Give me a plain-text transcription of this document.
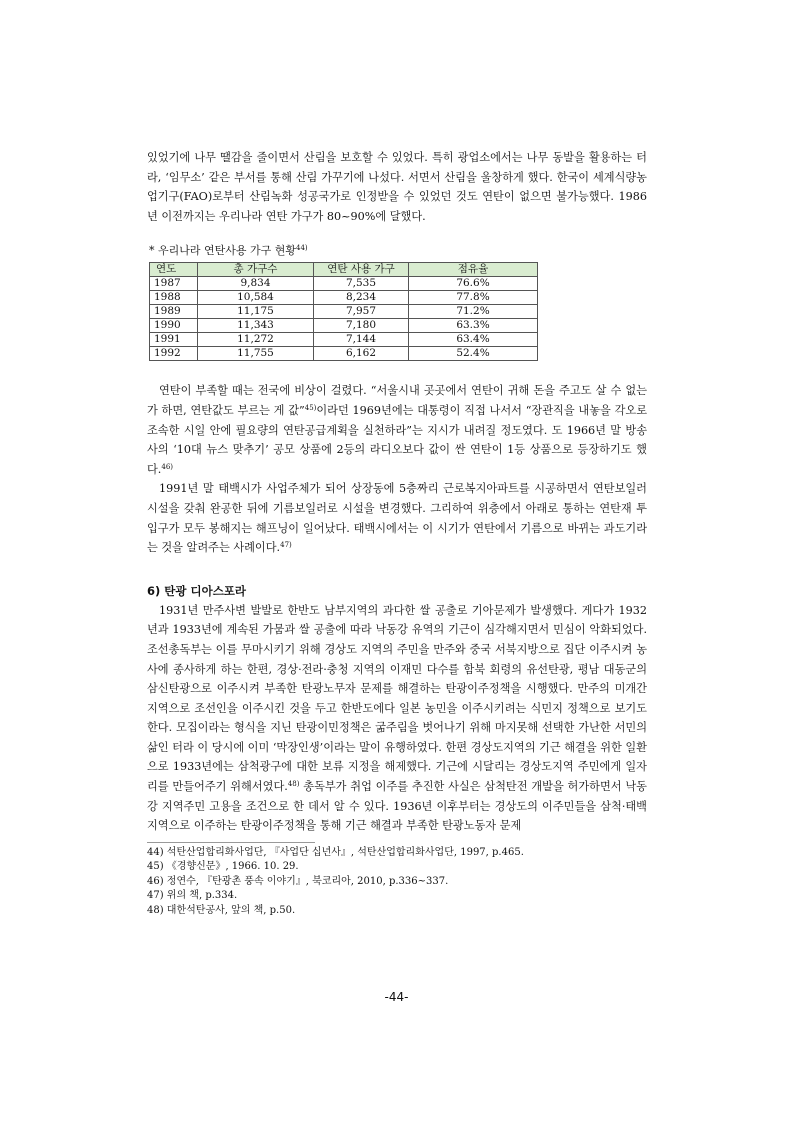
있었기에 나무 땔감을 줄이면서 산림을 보호할 수 있었다. 특히 광업소에서는 나무 동발을 활용하는 터라, ‘임무소’ 같은 부서를 통해 산림 가꾸기에 나섰다. 서면서 산림을 울창하게 했다. 한국이 세계식량농업기구(FAO)로부터 산림녹화 성공국가로 인정받을 수 있었던 것도 연탄이 없으면 불가능했다. 1986년 이전까지는 우리나라 연탄 가구가 80~90%에 달했다.

* 우리나라 연탄사용 가구 현황$^{44)}$
연도	총 가구수	연탄 사용 가구	점유율
1987	9,834	7,535	76.6%
1988	10,584	8,234	77.8%
1989	11,175	7,957	71.2%
1990	11,343	7,180	63.3%
1991	11,272	7,144	63.4%
1992	11,755	6,162	52.4%

연탄이 부족할 때는 전국에 비상이 걸렸다. “서울시내 곳곳에서 연탄이 귀해 돈을 주고도 살 수 없는가 하면, 연탄값도 부르는 게 값”$^{45)}$이라던 1969년에는 대통령이 직접 나서서 “장관직을 내놓을 각오로 조속한 시일 안에 필요량의 연탄공급계획을 실천하라”는 지시가 내려질 정도였다. 도 1966년 말 방송사의 ‘10대 뉴스 맞추기’ 공모 상품에 2등의 라디오보다 값이 싼 연탄이 1등 상품으로 등장하기도 했다.$^{46)}$

1991년 말 태백시가 사업주체가 되어 상장동에 5층짜리 근로복지아파트를 시공하면서 연탄보일러 시설을 갖춰 완공한 뒤에 기름보일러로 시설을 변경했다. 그리하여 위층에서 아래로 통하는 연탄재 투입구가 모두 봉해지는 해프닝이 일어났다. 태백시에서는 이 시기가 연탄에서 기름으로 바뀌는 과도기라는 것을 알려주는 사례이다.$^{47)}$

6) 탄광 디아스포라

1931년 만주사변 발발로 한반도 남부지역의 과다한 쌀 공출로 기아문제가 발생했다. 게다가 1932년과 1933년에 계속된 가뭄과 쌀 공출에 따라 낙동강 유역의 기근이 심각해지면서 민심이 악화되었다. 조선총독부는 이를 무마시키기 위해 경상도 지역의 주민을 만주와 중국 서북지방으로 집단 이주시켜 농사에 종사하게 하는 한편, 경상·전라·충청 지역의 이재민 다수를 함북 회령의 유선탄광, 평남 대동군의 삼신탄광으로 이주시켜 부족한 탄광노무자 문제를 해결하는 탄광이주정책을 시행했다. 만주의 미개간 지역으로 조선인을 이주시킨 것을 두고 한반도에다 일본 농민을 이주시키려는 식민지 정책으로 보기도 한다. 모집이라는 형식을 지닌 탄광이민정책은 굶주림을 벗어나기 위해 마지못해 선택한 가난한 서민의 삶인 터라 이 당시에 이미 ‘막장인생’이라는 말이 유행하였다. 한편 경상도지역의 기근 해결을 위한 일환으로 1933년에는 삼척광구에 대한 보류 지정을 해제했다. 기근에 시달리는 경상도지역 주민에게 일자리를 만들어주기 위해서였다.$^{48)}$ 총독부가 취업 이주를 추진한 사실은 삼척탄전 개발을 허가하면서 낙동강 지역주민 고용을 조건으로 한 데서 알 수 있다. 1936년 이후부터는 경상도의 이주민들을 삼척·태백지역으로 이주하는 탄광이주정책을 통해 기근 해결과 부족한 탄광노동자 문제

44) 석탄산업합리화사업단, 『사업단 십년사』, 석탄산업합리화사업단, 1997, p.465.
45) 《경향신문》, 1966. 10. 29.
46) 정연수, 『탄광촌 풍속 이야기』, 북코리아, 2010, p.336~337.
47) 위의 책, p.334.
48) 대한석탄공사, 앞의 책, p.50.
-44-
